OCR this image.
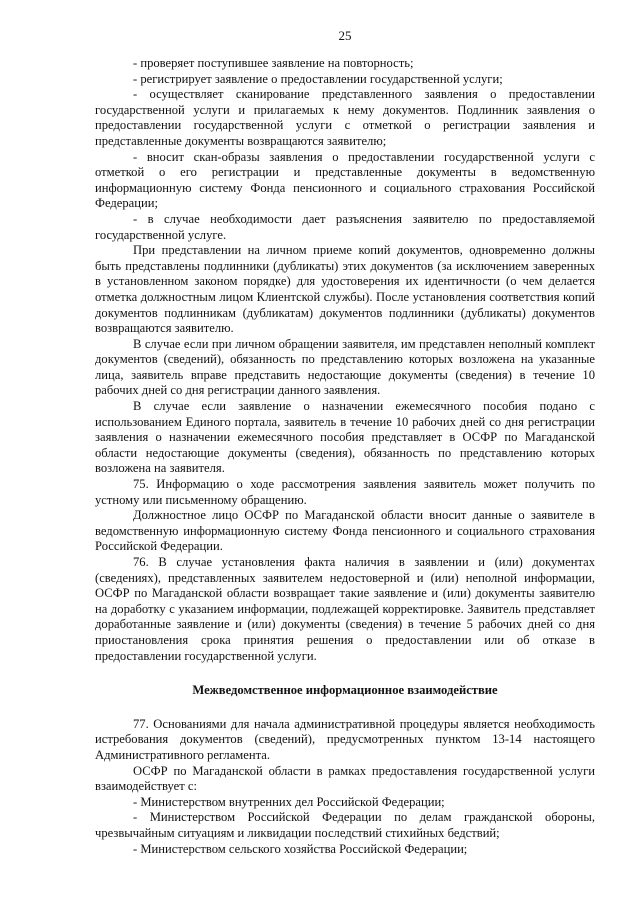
25

- проверяет поступившее заявление на повторность;

- регистрирует заявление о предоставлении государственной услуги;

- осуществляет сканирование представленного заявления о предоставлении государственной услуги и прилагаемых к нему документов. Подлинник заявления о предоставлении государственной услуги с отметкой о регистрации заявления и представленные документы возвращаются заявителю;

- вносит скан-образы заявления о предоставлении государственной услуги с отметкой о его регистрации и представленные документы в ведомственную информационную систему Фонда пенсионного и социального страхования Российской Федерации;

- в случае необходимости дает разъяснения заявителю по предоставляемой государственной услуге.

При представлении на личном приеме копий документов, одновременно должны быть представлены подлинники (дубликаты) этих документов (за исключением заверенных в установленном законом порядке) для удостоверения их идентичности (о чем делается отметка должностным лицом Клиентской службы). После установления соответствия копий документов подлинникам (дубликатам) документов подлинники (дубликаты) документов возвращаются заявителю.

В случае если при личном обращении заявителя, им представлен неполный комплект документов (сведений), обязанность по представлению которых возложена на указанные лица, заявитель вправе представить недостающие документы (сведения) в течение 10 рабочих дней со дня регистрации данного заявления.

В случае если заявление о назначении ежемесячного пособия подано с использованием Единого портала, заявитель в течение 10 рабочих дней со дня регистрации заявления о назначении ежемесячного пособия представляет в ОСФР по Магаданской области недостающие документы (сведения), обязанность по представлению которых возложена на заявителя.

75. Информацию о ходе рассмотрения заявления заявитель может получить по устному или письменному обращению.

Должностное лицо ОСФР по Магаданской области вносит данные о заявителе в ведомственную информационную систему Фонда пенсионного и социального страхования Российской Федерации.

76. В случае установления факта наличия в заявлении и (или) документах (сведениях), представленных заявителем недостоверной и (или) неполной информации, ОСФР по Магаданской области возвращает такие заявление и (или) документы заявителю на доработку с указанием информации, подлежащей корректировке. Заявитель представляет доработанные заявление и (или) документы (сведения) в течение 5 рабочих дней со дня приостановления срока принятия решения о предоставлении или об отказе в предоставлении государственной услуги.

Межведомственное информационное взаимодействие

77. Основаниями для начала административной процедуры является необходимость истребования документов (сведений), предусмотренных пунктом 13-14 настоящего Административного регламента.

ОСФР по Магаданской области в рамках предоставления государственной услуги взаимодействует с:

- Министерством внутренних дел Российской Федерации;

- Министерством Российской Федерации по делам гражданской обороны, чрезвычайным ситуациям и ликвидации последствий стихийных бедствий;

- Министерством сельского хозяйства Российской Федерации;
